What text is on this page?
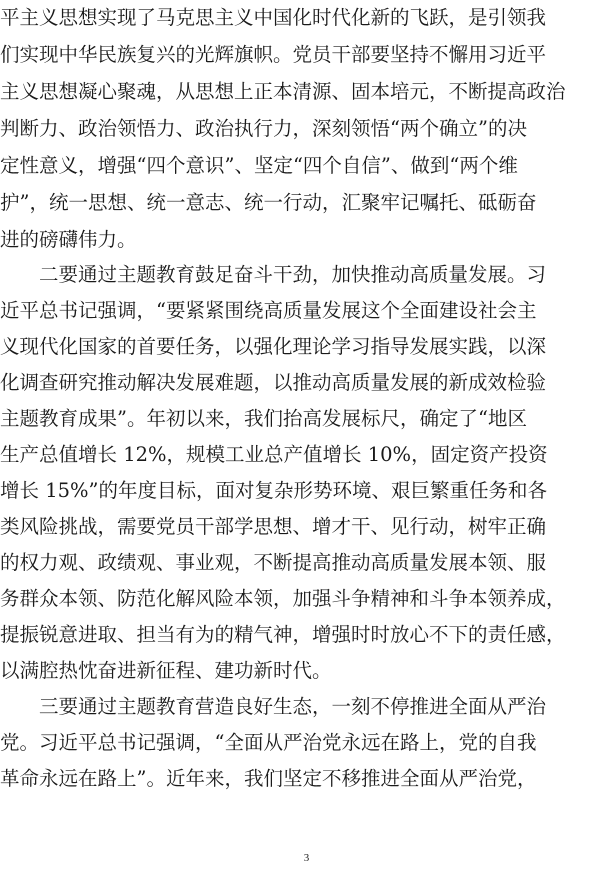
平主义思想实现了马克思主义中国化时代化新的飞跃，是引领我

们实现中华民族复兴的光辉旗帜。党员干部要坚持不懈用习近平

主义思想凝心聚魂，从思想上正本清源、固本培元，不断提高政治

判断力、政治领悟力、政治执行力，深刻领悟“两个确立”的决

定性意义，增强“四个意识”、坚定“四个自信”、做到“两个维

护”，统一思想、统一意志、统一行动，汇聚牢记嘱托、砥砺奋

进的磅礴伟力。

　　二要通过主题教育鼓足奋斗干劲，加快推动高质量发展。习

近平总书记强调，“要紧紧围绕高质量发展这个全面建设社会主

义现代化国家的首要任务，以强化理论学习指导发展实践，以深

化调查研究推动解决发展难题，以推动高质量发展的新成效检验

主题教育成果”。年初以来，我们抬高发展标尺，确定了“地区

生产总值增长 12%，规模工业总产值增长 10%，固定资产投资

增长 15%”的年度目标，面对复杂形势环境、艰巨繁重任务和各

类风险挑战，需要党员干部学思想、增才干、见行动，树牢正确

的权力观、政绩观、事业观，不断提高推动高质量发展本领、服

务群众本领、防范化解风险本领，加强斗争精神和斗争本领养成，

提振锐意进取、担当有为的精气神，增强时时放心不下的责任感，

以满腔热忱奋进新征程、建功新时代。

　　三要通过主题教育营造良好生态，一刻不停推进全面从严治

党。习近平总书记强调，“全面从严治党永远在路上，党的自我

革命永远在路上”。近年来，我们坚定不移推进全面从严治党，

3
